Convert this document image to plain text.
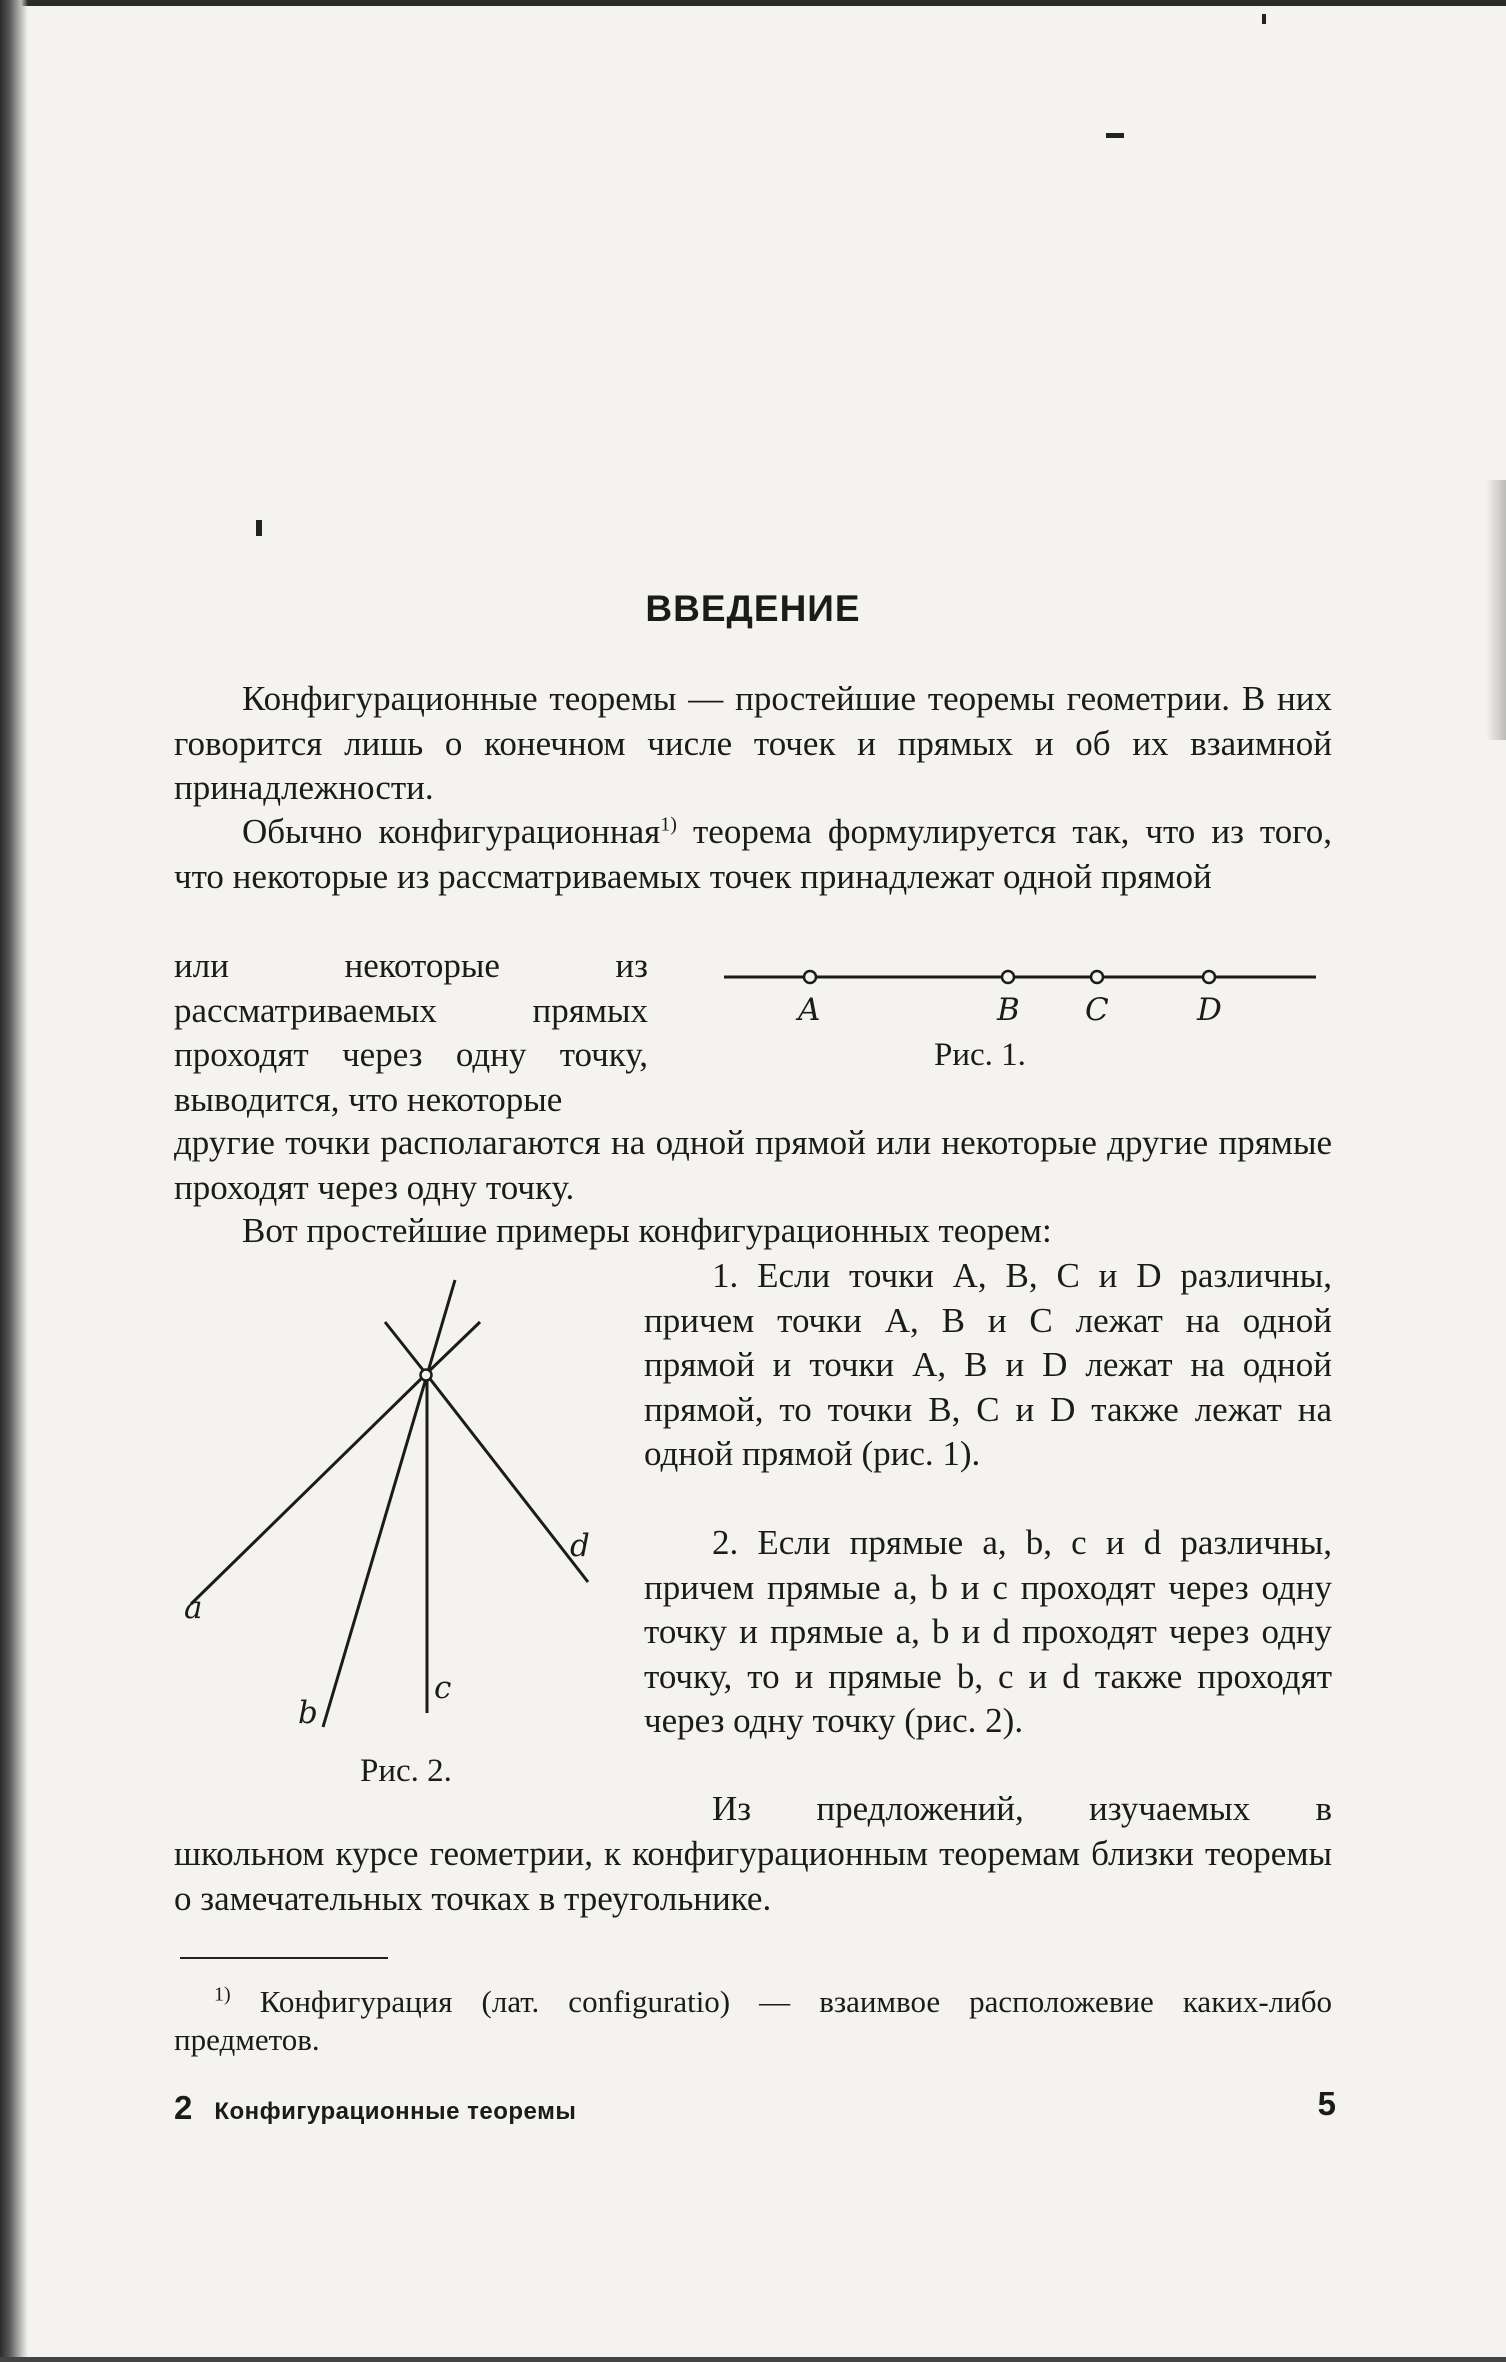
ВВЕДЕНИЕ

Конфигурационные теоремы — простейшие теоремы геометрии. В них говорится лишь о конечном числе точек и прямых и об их взаимной принадлежности.

Обычно конфигурационная$^{1)}$ теорема формулируется так, что из того, что некоторые из рассматриваемых точек принадлежат одной прямой

или некоторые из рассматриваемых прямых проходят через одну точку, выводится, что некоторые

A	B C	D
Рис. 1.

другие точки располагаются на одной прямой или некоторые другие прямые проходят через одну точку.

Вот простейшие примеры конфигурационных теорем:

a
b
c
d
Рис. 2.

1. Если точки A, B, C и D различны, причем точки A, B и C лежат на одной прямой и точки A, B и D лежат на одной прямой, то точки B, C и D также лежат на одной прямой (рис. 1).

2. Если прямые a, b, c и d различны, причем прямые a, b и c проходят через одну точку и прямые a, b и d проходят через одну точку, то и прямые b, c и d также проходят через одну точку (рис. 2).

Из предложений, изучаемых в

школьном курсе геометрии, к конфигурационным теоремам близки теоремы о замечательных точках в треугольнике.

$^{1)}$ Конфигурация (лат. configuratio) — взаимвое расположевие каких-либо предметов.

2 Конфигурационные теоремы	5
